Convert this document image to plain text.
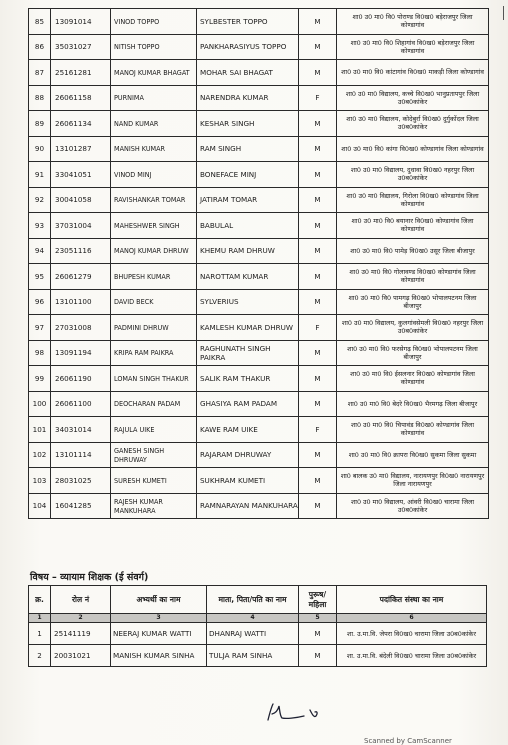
85	13091014	VINOD TOPPO	SYLBESTER TOPPO	M	शा0 उ0 मा0 वि0 पोराण्ड वि0ख0 बड़ेराजपुर जिला कोण्डागांव
86	35031027	NITISH TOPPO	PANKHARASIYUS TOPPO	M	शा0 उ0 मा0 वि0 शिहागांव वि0ख0 बड़ेराजपुर जिला कोण्डागांव
87	25161281	MANOJ KUMAR BHAGAT	MOHAR SAI BHAGAT	M	शा0 उ0 मा0 वि0 कांटागांव वि0ख0 माकड़ी जिला कोण्डागांव
88	26061158	PURNIMA	NARENDRA KUMAR	F	शा0 उ0 मा0 विद्यालय, कच्चे वि0ख0 भानुप्रतापपुर जिला उ0ब0कांकेर
89	26061134	NAND KUMAR	KESHAR SINGH	M	शा0 उ0 मा0 विद्यालय, कोदेबुर्रा वि0ख0 दुर्गुकोंदल जिला उ0ब0कांकेर
90	13101287	MANISH KUMAR	RAM SINGH	M	शा0 उ0 मा0 वि0 कांगा वि0ख0 कोण्डागांव जिला कोण्डागांव
91	33041051	VINOD MINJ	BONEFACE MINJ	M	शा0 उ0 मा0 विद्यालय, दुधावा वि0ख0 नहरपुर जिला उ0ब0कांकेर
92	30041058	RAVISHANKAR TOMAR	JATIRAM TOMAR	M	शा0 उ0 मा0 विद्यालय, गिरोला वि0ख0 कोण्डागांव जिला कोण्डागांव
93	37031004	MAHESHWER SINGH	BABULAL	M	शा0 उ0 मा0 वि0 बयानार वि0ख0 कोण्डागांव जिला कोण्डागांव
94	23051116	MANOJ KUMAR DHRUW	KHEMU RAM DHRUW	M	शा0 उ0 मा0 वि0 पामेड़ वि0ख0 उसूर जिला बीजापुर
95	26061279	BHUPESH KUMAR	NAROTTAM KUMAR	M	शा0 उ0 मा0 वि0 गोलावण्ड वि0ख0 कोण्डागांव जिला कोण्डागांव
96	13101100	DAVID BECK	SYLVERIUS	M	शा0 उ0 मा0 वि0 पामगढ़ वि0ख0 भोपालपटनम जिला बीजापुर
97	27031008	PADMINI DHRUW	KAMLESH KUMAR DHRUW	F	शा0 उ0 मा0 विद्यालय, कुलगांवसेमली वि0ख0 नहरपुर जिला उ0ब0कांकेर
98	13091194	KRIPA RAM PAIKRA	RAGHUNATH SINGH PAIKRA	M	शा0 उ0 मा0 वि0 फरसेगढ़ वि0ख0 भोपालपटनम जिला बीजापुर
99	26061190	LOMAN SINGH THAKUR	SALIK RAM THAKUR	M	शा0 उ0 मा0 वि0 ईसलनार वि0ख0 कोण्डागांव जिला कोण्डागांव
100	26061100	DEOCHARAN PADAM	GHASIYA RAM PADAM	M	शा0 उ0 मा0 वि0 बेदरे वि0ख0 भैरमगढ़ जिला बीजापुर
101	34031014	RAJULA UIKE	KAWE RAM UIKE	F	शा0 उ0 मा0 वि0 चिपावंड वि0ख0 कोण्डागांव जिला कोण्डागांव
102	13101114	GANESH SINGH DHRUWAY	RAJARAM DHRUWAY	M	शा0 उ0 मा0 वि0 क्रापरा वि0ख0 सुकमा जिला सुकमा
103	28031025	SURESH KUMETI	SUKHRAM KUMETI	M	शा0 बालक उ0 मा0 विद्यालय, नारायणपुर वि0ख0 नारायणपुर जिला नारायणपुर
104	16041285	RAJESH KUMAR MANKUHARA	RAMNARAYAN MANKUHARA	M	शा0 उ0 मा0 विद्यालय, आंवरी वि0ख0 चारामा जिला उ0ब0कांकेर
विषय – व्यायाम शिक्षक (ई संवर्ग)
क्र.	रोल नं	अभ्यर्थी का नाम	माता, पिता/पति का नाम	पुरूष/महिला	पदांकित संस्था का नाम
1	2	3	4	5	6
1	25141119	NEERAJ KUMAR WATTI	DHANRAJ WATTI	M	शा. उ.मा.वि. जेपरा वि0ख0 चारामा जिला उ0ब0कांकेर
2	20031021	MANISH KUMAR SINHA	TULJA RAM SINHA	M	शा. उ.मा.वि. बंदेली वि0ख0 चारामा जिला उ0ब0कांकेर
Scanned by CamScanner
